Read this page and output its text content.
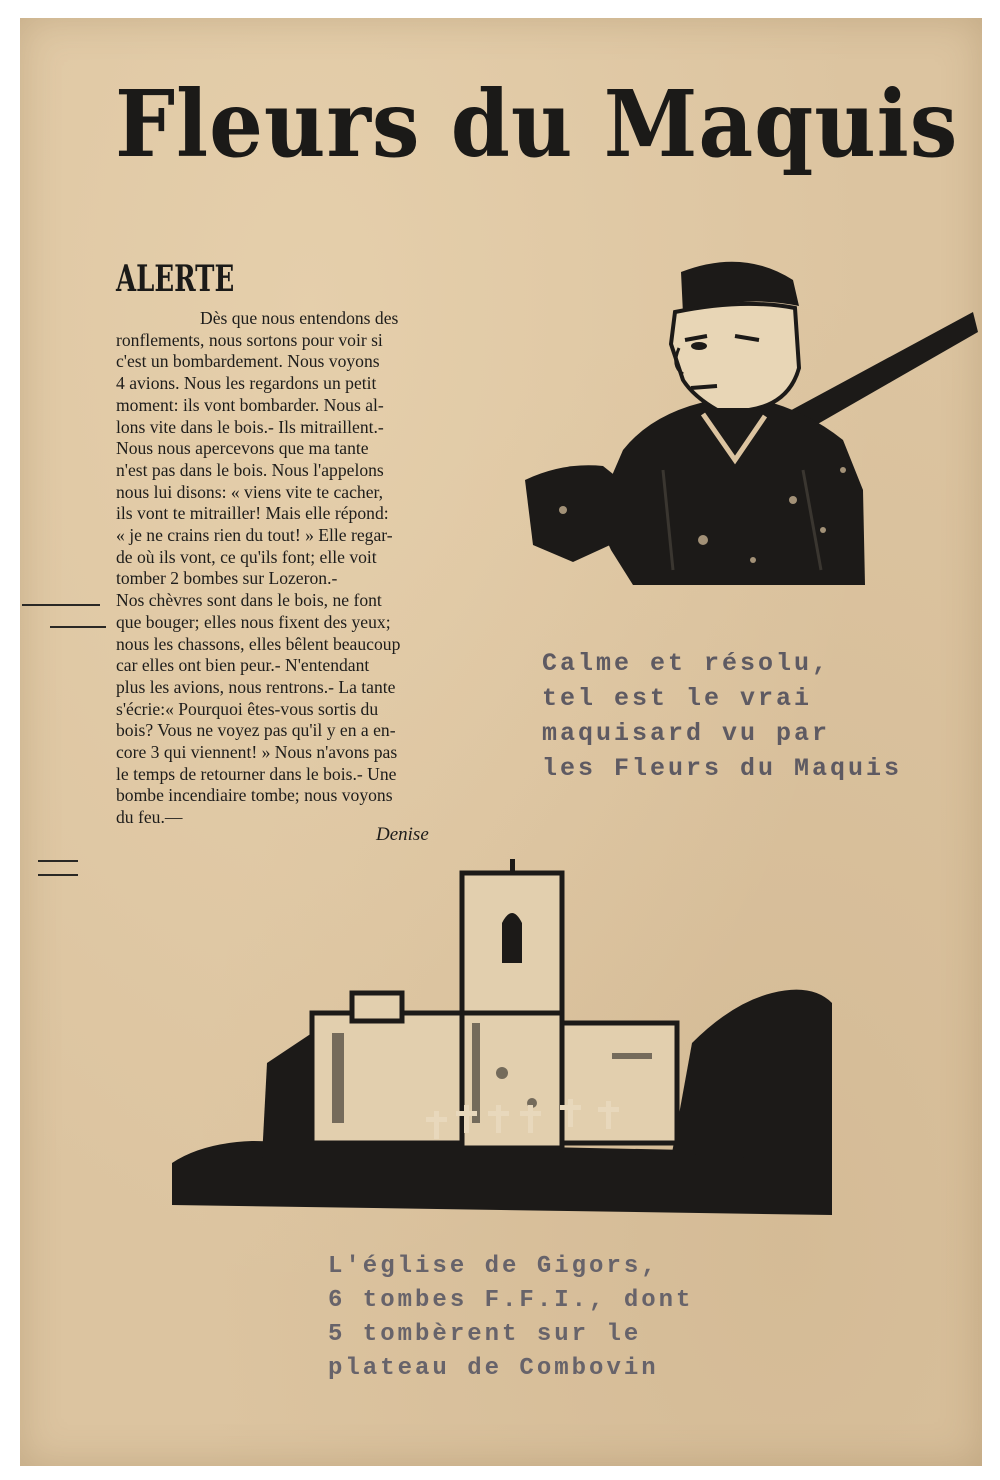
Fleurs du Maquis
ALERTE
Dès que nous entendons des
ronflements, nous sortons pour voir si
c'est un bombardement. Nous voyons
4 avions. Nous les regardons un petit
moment: ils vont bombarder. Nous al-
lons vite dans le bois.- Ils mitraillent.-
Nous nous apercevons que ma tante
n'est pas dans le bois. Nous l'appelons
nous lui disons: « viens vite te cacher,
ils vont te mitrailler! Mais elle répond:
« je ne crains rien du tout! » Elle regar-
de où ils vont, ce qu'ils font; elle voit
tomber 2 bombes sur Lozeron.-
Nos chèvres sont dans le bois, ne font
que bouger; elles nous fixent des yeux;
nous les chassons, elles bêlent beaucoup
car elles ont bien peur.- N'entendant
plus les avions, nous rentrons.- La tante
s'écrie:« Pourquoi êtes-vous sortis du
bois? Vous ne voyez pas qu'il y en a en-
core 3 qui viennent! » Nous n'avons pas
le temps de retourner dans le bois.- Une
bombe incendiaire tombe; nous voyons
du feu.—
Denise
Calme et résolu,
tel est le vrai
maquisard vu par
les Fleurs du Maquis
L'église de Gigors,
6 tombes F.F.I., dont
5 tombèrent sur le
plateau de Combovin
